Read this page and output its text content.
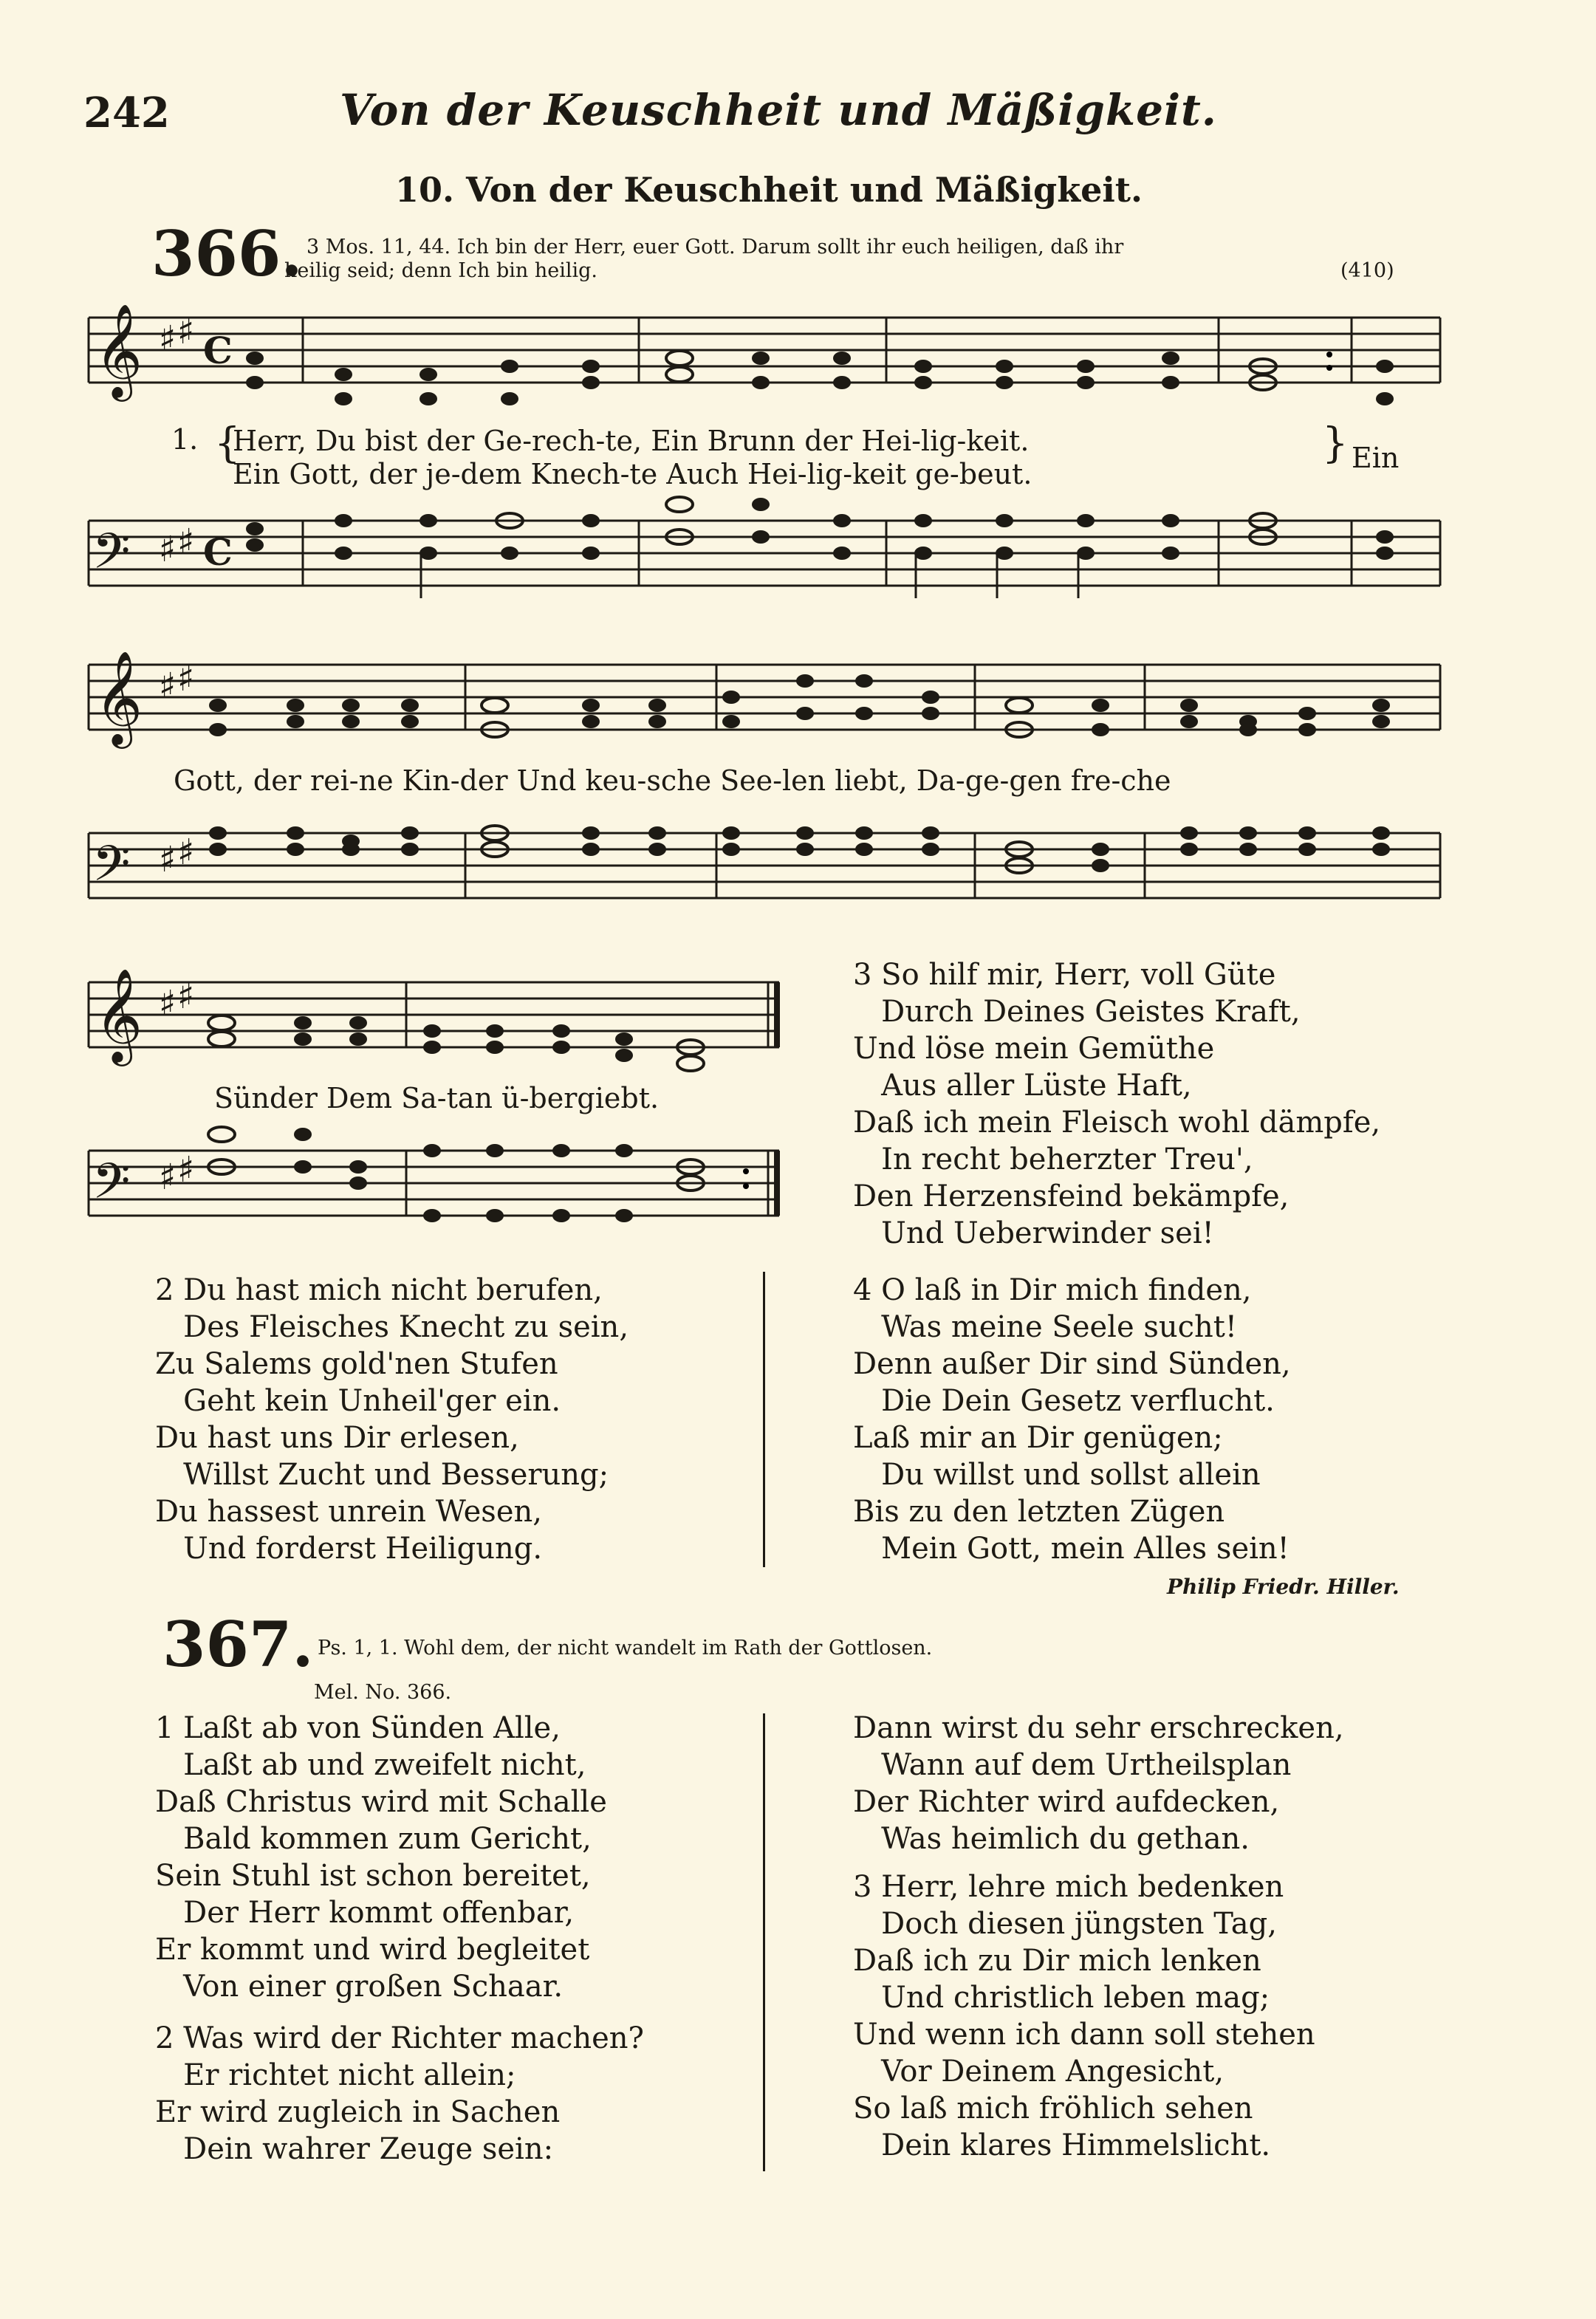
242	Von der Keuschheit und Mäßigkeit.
10. Von der Keuschheit und Mäßigkeit.
366. 3 Mos. 11, 44. Ich bin der Herr, euer Gott. Darum sollt ihr euch heiligen, daß ihr
heilig seid; denn Ich bin heilig.	(410)
𝄞 ♯ ♯ C
𝄢 ♯ ♯ C
1. {
Herr, Du bist der Ge-rech-te, Ein Brunn der Hei-lig-keit.
Ein Gott, der je-dem Knech-te Auch Hei-lig-keit ge-beut.
} Ein
𝄞 ♯ ♯
𝄢 ♯ ♯
Gott, der rei-ne Kin-der Und keu-sche See-len liebt, Da-ge-gen fre-che
𝄞 ♯ ♯
𝄢 ♯ ♯
Sünder Dem Sa-tan ü-bergiebt.
3 So hilf mir, Herr, voll Güte
Durch Deines Geistes Kraft,
Und löse mein Gemüthe
Aus aller Lüste Haft,
Daß ich mein Fleisch wohl dämpfe,
In recht beherzter Treu',
Den Herzensfeind bekämpfe,
Und Ueberwinder sei!
2 Du hast mich nicht berufen,
Des Fleisches Knecht zu sein,
Zu Salems gold'nen Stufen
Geht kein Unheil'ger ein.
Du hast uns Dir erlesen,
Willst Zucht und Besserung;
Du hassest unrein Wesen,
Und forderst Heiligung.
4 O laß in Dir mich finden,
Was meine Seele sucht!
Denn außer Dir sind Sünden,
Die Dein Gesetz verflucht.
Laß mir an Dir genügen;
Du willst und sollst allein
Bis zu den letzten Zügen
Mein Gott, mein Alles sein!
Philip Friedr. Hiller.
367. Ps. 1, 1. Wohl dem, der nicht wandelt im Rath der Gottlosen.
Mel. No. 366.
1 Laßt ab von Sünden Alle,
Laßt ab und zweifelt nicht,
Daß Christus wird mit Schalle
Bald kommen zum Gericht,
Sein Stuhl ist schon bereitet,
Der Herr kommt offenbar,
Er kommt und wird begleitet
Von einer großen Schaar.
2 Was wird der Richter machen?
Er richtet nicht allein;
Er wird zugleich in Sachen
Dein wahrer Zeuge sein:
Dann wirst du sehr erschrecken,
Wann auf dem Urtheilsplan
Der Richter wird aufdecken,
Was heimlich du gethan.
3 Herr, lehre mich bedenken
Doch diesen jüngsten Tag,
Daß ich zu Dir mich lenken
Und christlich leben mag;
Und wenn ich dann soll stehen
Vor Deinem Angesicht,
So laß mich fröhlich sehen
Dein klares Himmelslicht.
